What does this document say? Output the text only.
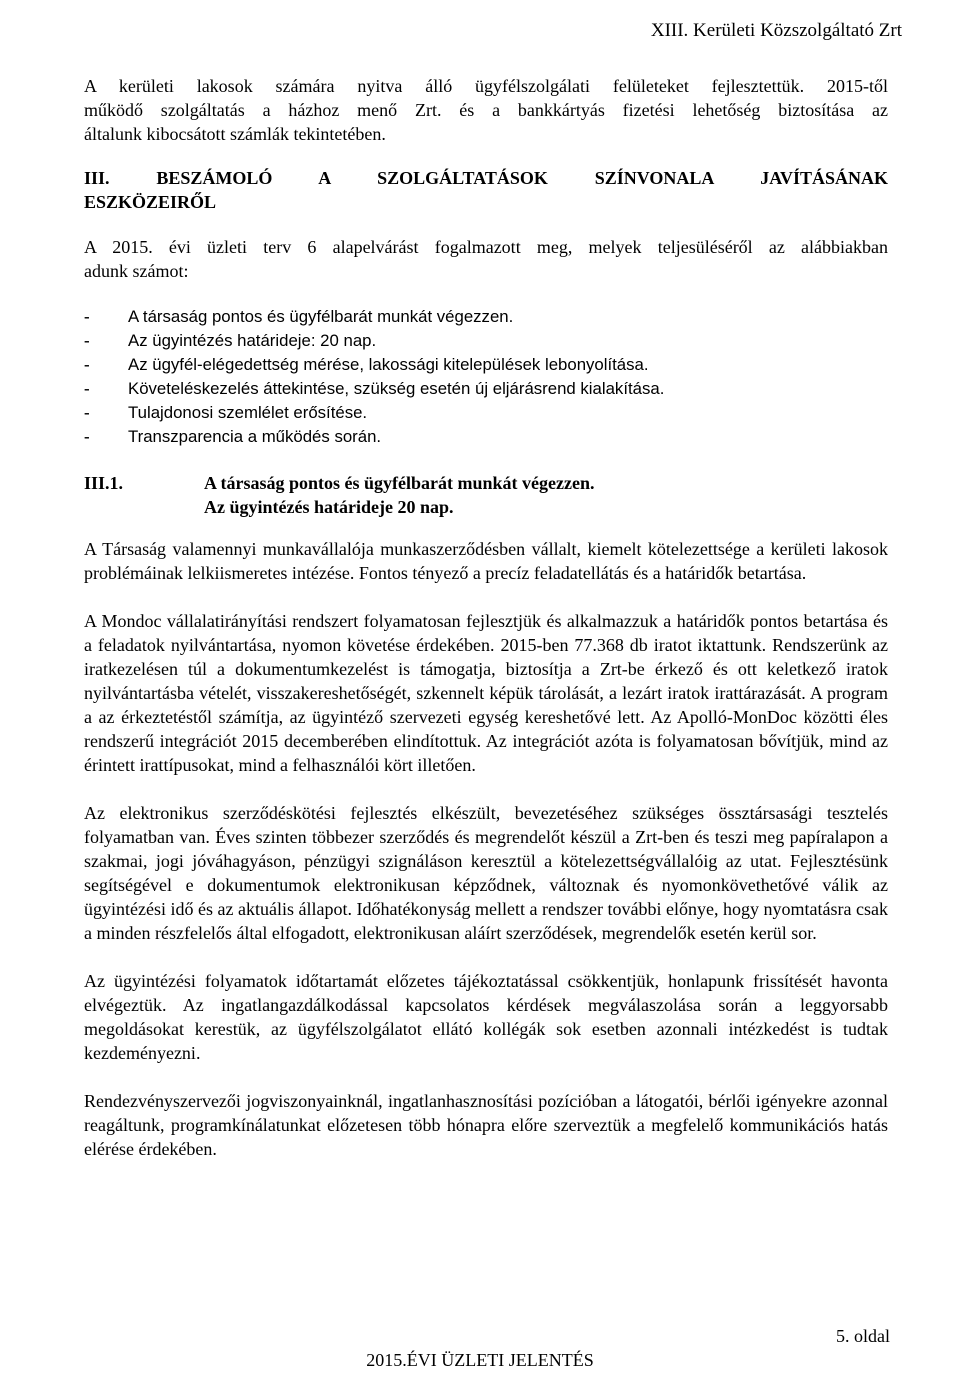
XIII. Kerületi Közszolgáltató Zrt

A kerületi lakosok számára nyitva álló ügyfélszolgálati felületeket fejlesztettük. 2015-től

működő szolgáltatás a házhoz menő Zrt. és a bankkártyás fizetési lehetőség biztosítása az

általunk kibocsátott számlák tekintetében.

III. BESZÁMOLÓ A SZOLGÁLTATÁSOK SZÍNVONALA JAVÍTÁSÁNAK
ESZKÖZEIRŐL

A 2015. évi üzleti terv 6 alapelvárást fogalmazott meg, melyek teljesüléséről az alábbiakban

adunk számot:

-	A társaság pontos és ügyfélbarát munkát végezzen.
-	Az ügyintézés határideje: 20 nap.
-	Az ügyfél-elégedettség mérése, lakossági kitelepülések lebonyolítása.
-	Követeléskezelés áttekintése, szükség esetén új eljárásrend kialakítása.
-	Tulajdonosi szemlélet erősítése.
-	Transzparencia a működés során.
III.1.	A társaság pontos és ügyfélbarát munkát végezzen.
Az ügyintézés határideje 20 nap.

A Társaság valamennyi munkavállalója munkaszerződésben vállalt, kiemelt kötelezettsége a kerületi lakosok problémáinak lelkiismeretes intézése. Fontos tényező a precíz feladatellátás és a határidők betartása.

A Mondoc vállalatirányítási rendszert folyamatosan fejlesztjük és alkalmazzuk a határidők pontos betartása és a feladatok nyilvántartása, nyomon követése érdekében. 2015-ben 77.368 db iratot iktattunk. Rendszerünk az iratkezelésen túl a dokumentumkezelést is támogatja, biztosítja a Zrt-be érkező és ott keletkező iratok nyilvántartásba vételét, visszakereshetőségét, szkennelt képük tárolását, a lezárt iratok irattárazását. A program a az érkeztetéstől számítja, az ügyintéző szervezeti egység kereshetővé lett. Az Apolló-MonDoc közötti éles rendszerű integrációt 2015 decemberében elindítottuk. Az integrációt azóta is folyamatosan bővítjük, mind az érintett irattípusokat, mind a felhasználói kört illetően.

Az elektronikus szerződéskötési fejlesztés elkészült, bevezetéséhez szükséges össztársasági tesztelés folyamatban van. Éves szinten többezer szerződés és megrendelőt készül a Zrt-ben és teszi meg papíralapon a szakmai, jogi jóváhagyáson, pénzügyi szignáláson keresztül a kötelezettségvállalóig az utat. Fejlesztésünk segítségével e dokumentumok elektronikusan képződnek, változnak és nyomonkövethetővé válik az ügyintézési idő és az aktuális állapot. Időhatékonyság mellett a rendszer további előnye, hogy nyomtatásra csak a minden részfelelős által elfogadott, elektronikusan aláírt szerződések, megrendelők esetén kerül sor.

Az ügyintézési folyamatok időtartamát előzetes tájékoztatással csökkentjük, honlapunk frissítését havonta elvégeztük. Az ingatlangazdálkodással kapcsolatos kérdések megválaszolása során a leggyorsabb megoldásokat kerestük, az ügyfélszolgálatot ellátó kollégák sok esetben azonnali intézkedést is tudtak kezdeményezni.

Rendezvényszervezői jogviszonyainknál, ingatlanhasznosítási pozícióban a látogatói, bérlői igényekre azonnal reagáltunk, programkínálatunkat előzetesen több hónapra előre szerveztük a megfelelő kommunikációs hatás elérése érdekében.

5. oldal
2015.ÉVI ÜZLETI JELENTÉS
